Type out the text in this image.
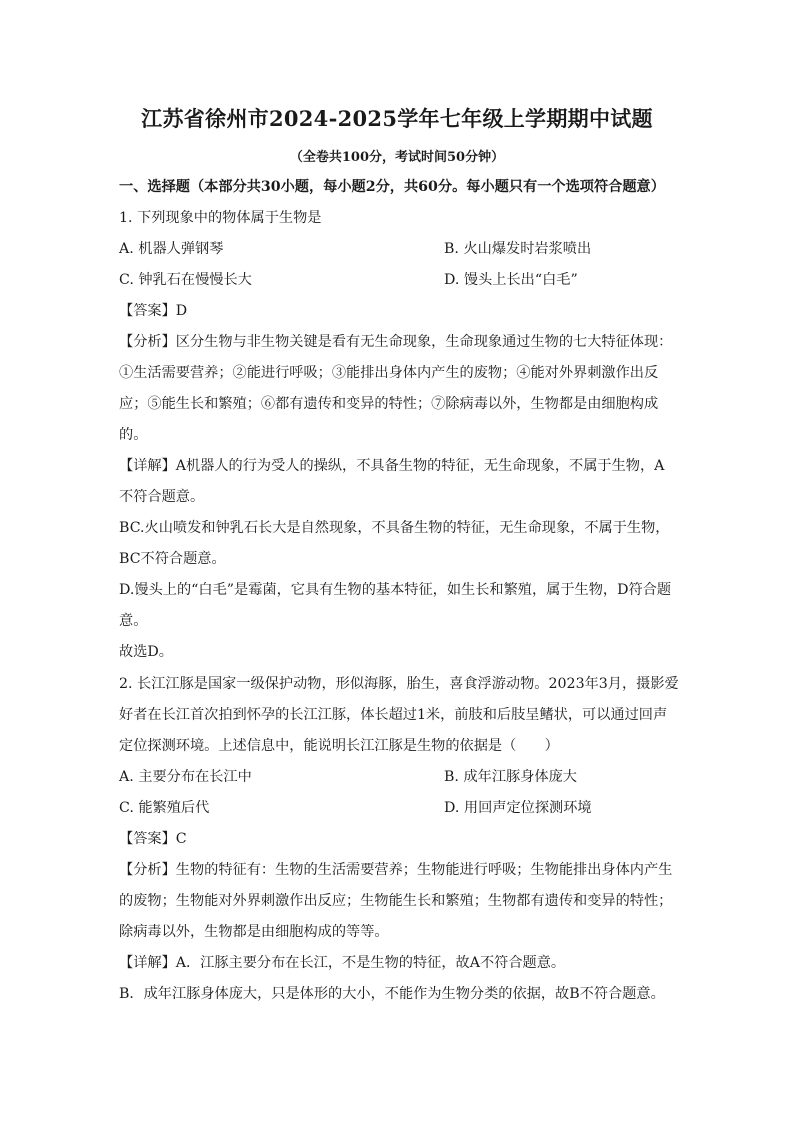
江苏省徐州市2024-2025学年七年级上学期期中试题
（全卷共100分，考试时间50分钟）
一、选择题（本部分共30小题，每小题2分，共60分。每小题只有一个选项符合题意）
1. 下列现象中的物体属于生物是
A. 机器人弹钢琴	B. 火山爆发时岩浆喷出
C. 钟乳石在慢慢长大	D. 馒头上长出“白毛”
【答案】D
【分析】区分生物与非生物关键是看有无生命现象，生命现象通过生物的七大特征体现：
①生活需要营养；②能进行呼吸；③能排出身体内产生的废物；④能对外界刺激作出反
应；⑤能生长和繁殖；⑥都有遗传和变异的特性；⑦除病毒以外，生物都是由细胞构成
的。
【详解】A机器人的行为受人的操纵，不具备生物的特征，无生命现象，不属于生物，A
不符合题意。
BC.火山喷发和钟乳石长大是自然现象，不具备生物的特征，无生命现象，不属于生物，
BC不符合题意。
D.馒头上的“白毛”是霉菌，它具有生物的基本特征，如生长和繁殖，属于生物，D符合题
意。
故选D。
2. 长江江豚是国家一级保护动物，形似海豚，胎生，喜食浮游动物。2023年3月，摄影爱
好者在长江首次拍到怀孕的长江江豚，体长超过1米，前肢和后肢呈鳍状，可以通过回声
定位探测环境。上述信息中，能说明长江江豚是生物的依据是（　　）
A. 主要分布在长江中	B. 成年江豚身体庞大
C. 能繁殖后代	D. 用回声定位探测环境
【答案】C
【分析】生物的特征有：生物的生活需要营养；生物能进行呼吸；生物能排出身体内产生
的废物；生物能对外界刺激作出反应；生物能生长和繁殖；生物都有遗传和变异的特性；
除病毒以外，生物都是由细胞构成的等等。
【详解】A．江豚主要分布在长江，不是生物的特征，故A不符合题意。
B．成年江豚身体庞大，只是体形的大小，不能作为生物分类的依据，故B不符合题意。
